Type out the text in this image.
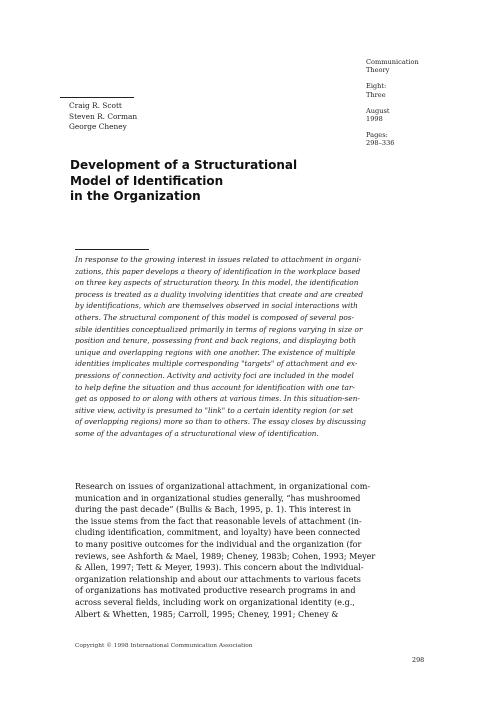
Communication
Theory
Eight:
Three
August
1998
Pages:
298–336
Craig R. Scott
Steven R. Corman
George Cheney
Development of a Structurational
Model of Identification
in the Organization
In response to the growing interest in issues related to attachment in organi-
zations, this paper develops a theory of identification in the workplace based
on three key aspects of structuration theory. In this model, the identification
process is treated as a duality involving identities that create and are created
by identifications, which are themselves observed in social interactions with
others. The structural component of this model is composed of several pos-
sible identities conceptualized primarily in terms of regions varying in size or
position and tenure, possessing front and back regions, and displaying both
unique and overlapping regions with one another. The existence of multiple
identities implicates multiple corresponding "targets" of attachment and ex-
pressions of connection. Activity and activity foci are included in the model
to help define the situation and thus account for identification with one tar-
get as opposed to or along with others at various times. In this situation-sen-
sitive view, activity is presumed to "link" to a certain identity region (or set
of overlapping regions) more so than to others. The essay closes by discussing
some of the advantages of a structurational view of identification.
Research on issues of organizational attachment, in organizational com-
munication and in organizational studies generally, “has mushroomed
during the past decade” (Bullis & Bach, 1995, p. 1). This interest in
the issue stems from the fact that reasonable levels of attachment (in-
cluding identification, commitment, and loyalty) have been connected
to many positive outcomes for the individual and the organization (for
reviews, see Ashforth & Mael, 1989; Cheney, 1983b; Cohen, 1993; Meyer
& Allen, 1997; Tett & Meyer, 1993). This concern about the individual-
organization relationship and about our attachments to various facets
of organizations has motivated productive research programs in and
across several fields, including work on organizational identity (e.g.,
Albert & Whetten, 1985; Carroll, 1995; Cheney, 1991; Cheney &
Copyright © 1998 International Communication Association
298
